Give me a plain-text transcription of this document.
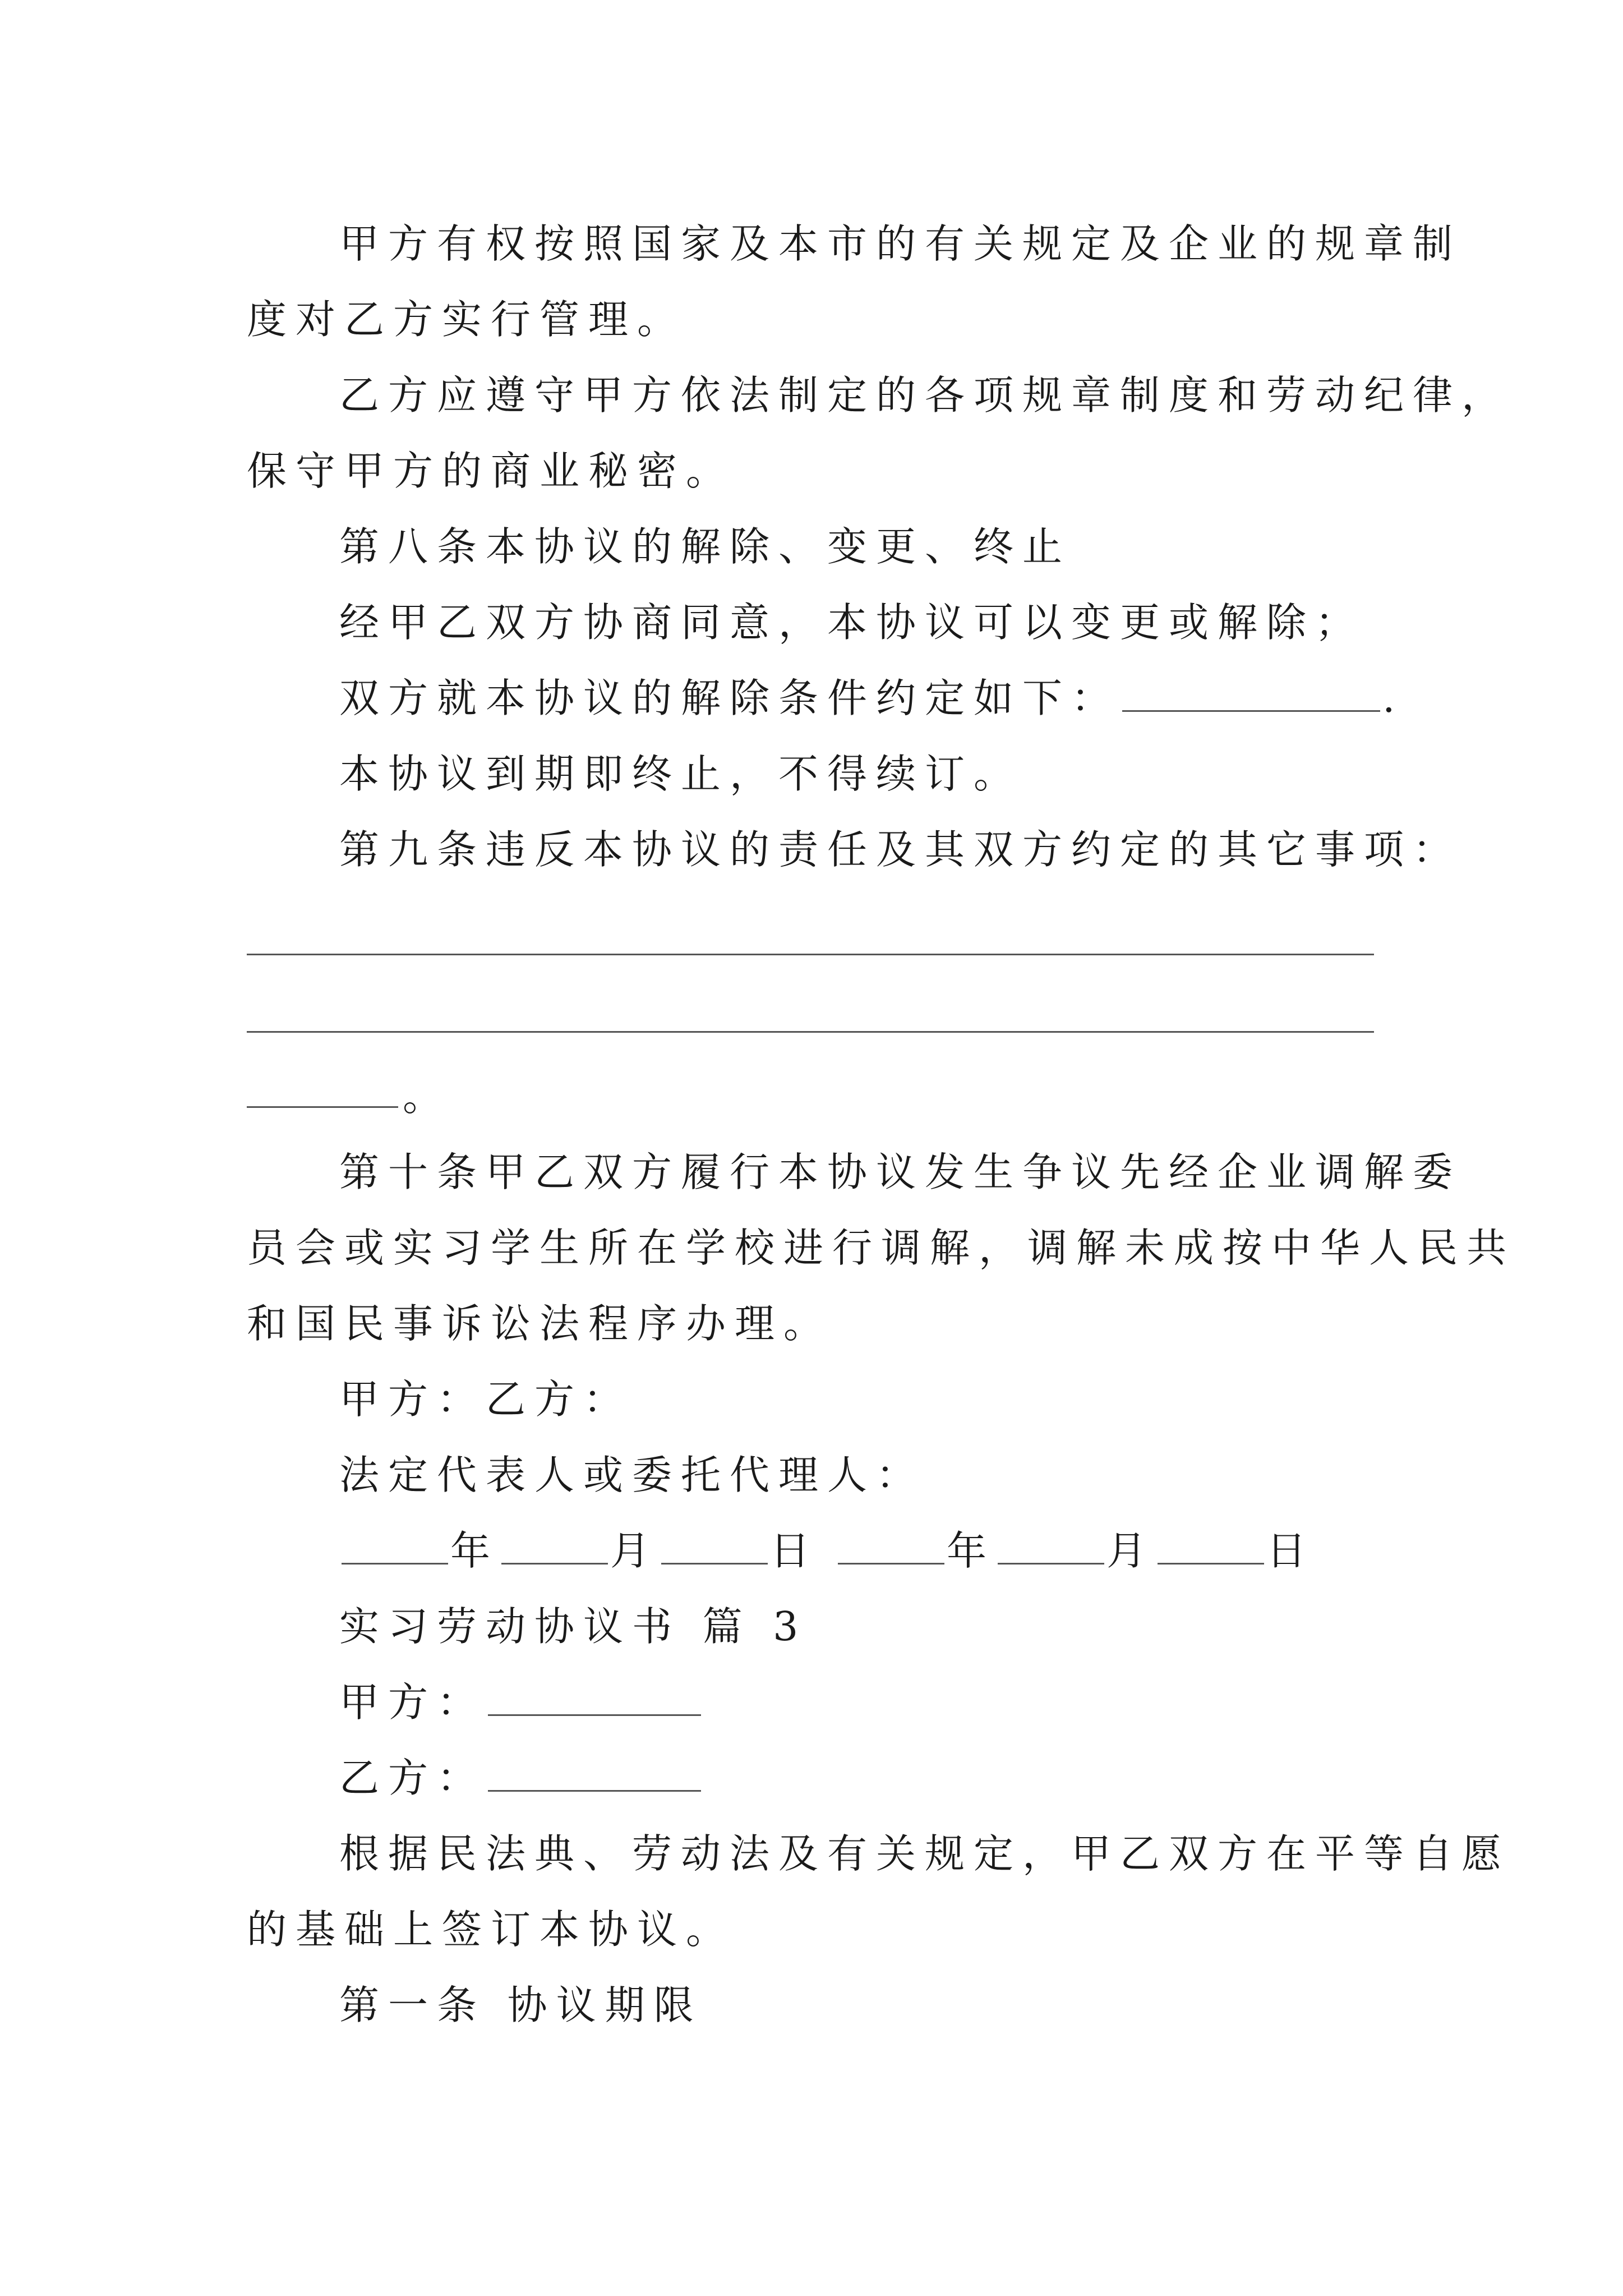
甲方有权按照国家及本市的有关规定及企业的规章制
度对乙方实行管理。
乙方应遵守甲方依法制定的各项规章制度和劳动纪律，
保守甲方的商业秘密。
第八条本协议的解除、变更、终止
经甲乙双方协商同意，本协议可以变更或解除；
双方就本协议的解除条件约定如下：	.
本协议到期即终止，不得续订。
第九条违反本协议的责任及其双方约定的其它事项：
。
第十条甲乙双方履行本协议发生争议先经企业调解委
员会或实习学生所在学校进行调解，调解未成按中华人民共
和国民事诉讼法程序办理。
甲方：乙方：
法定代表人或委托代理人：
年	月	日	年	月	日
实习劳动协议书 篇 3
甲方：
乙方：
根据民法典、劳动法及有关规定，甲乙双方在平等自愿
的基础上签订本协议。
第一条 协议期限
